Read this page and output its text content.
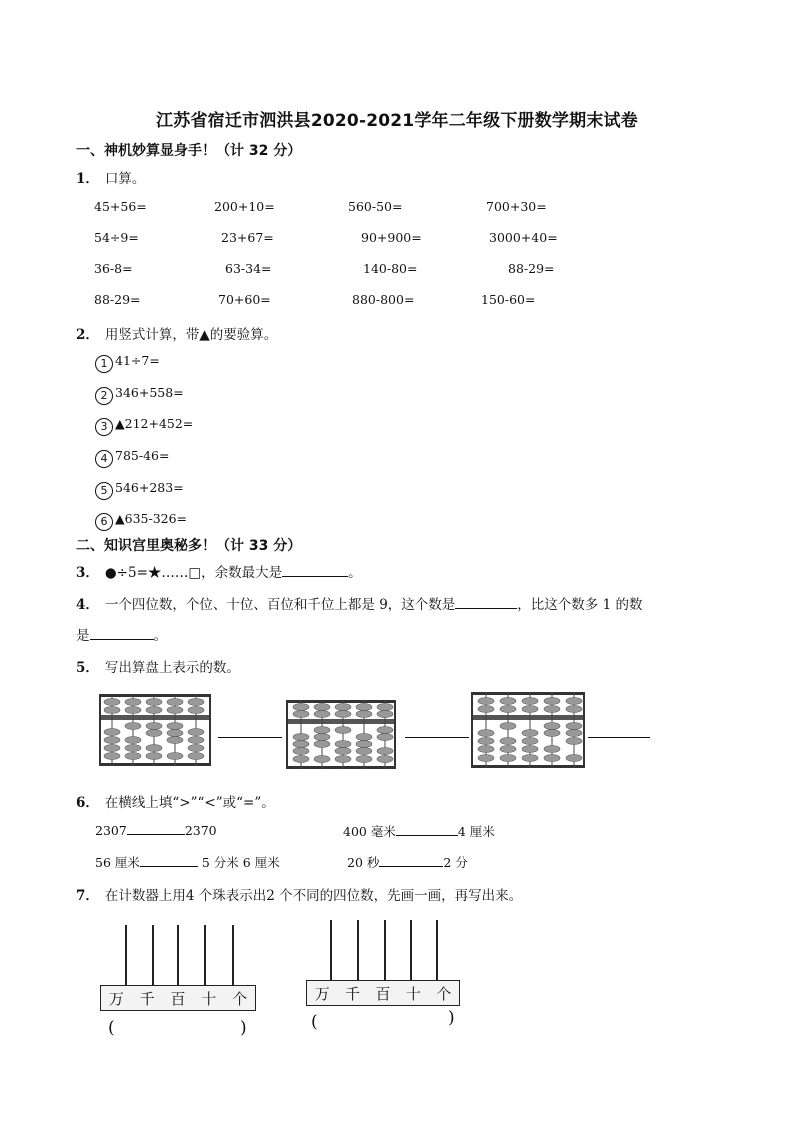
江苏省宿迁市泗洪县2020-2021学年二年级下册数学期末试卷
一、神机妙算显身手！（计 32 分）
1． 口算。
45+56=	200+10=	560-50=	700+30=
54÷9=	23+67=	90+900=	3000+40=
36-8=	63-34=	140-80=	88-29=
88-29=	70+60=	880-800=	150-60=
2． 用竖式计算，带▲的要验算。
1 41÷7=
2 346+558=
3 ▲212+452=
4 785-46=
5 546+283=
6 ▲635-326=
二、知识宫里奥秘多！（计 33 分）
3． ●÷5=★……□，余数最大是	。
4． 一个四位数，个位、十位、百位和千位上都是 9，这个数是	，比这个数多 1 的数
是	。
5． 写出算盘上表示的数。
6． 在横线上填“>”“<”或“=”。
2307	2370	400 毫米	4 厘米
56 厘米	5 分米 6 厘米	20 秒	2 分
7． 在计数器上用4 个珠表示出2 个不同的四位数，先画一画，再写出来。
万 千 百 十 个
(	)
万 千 百 十 个
(	)
